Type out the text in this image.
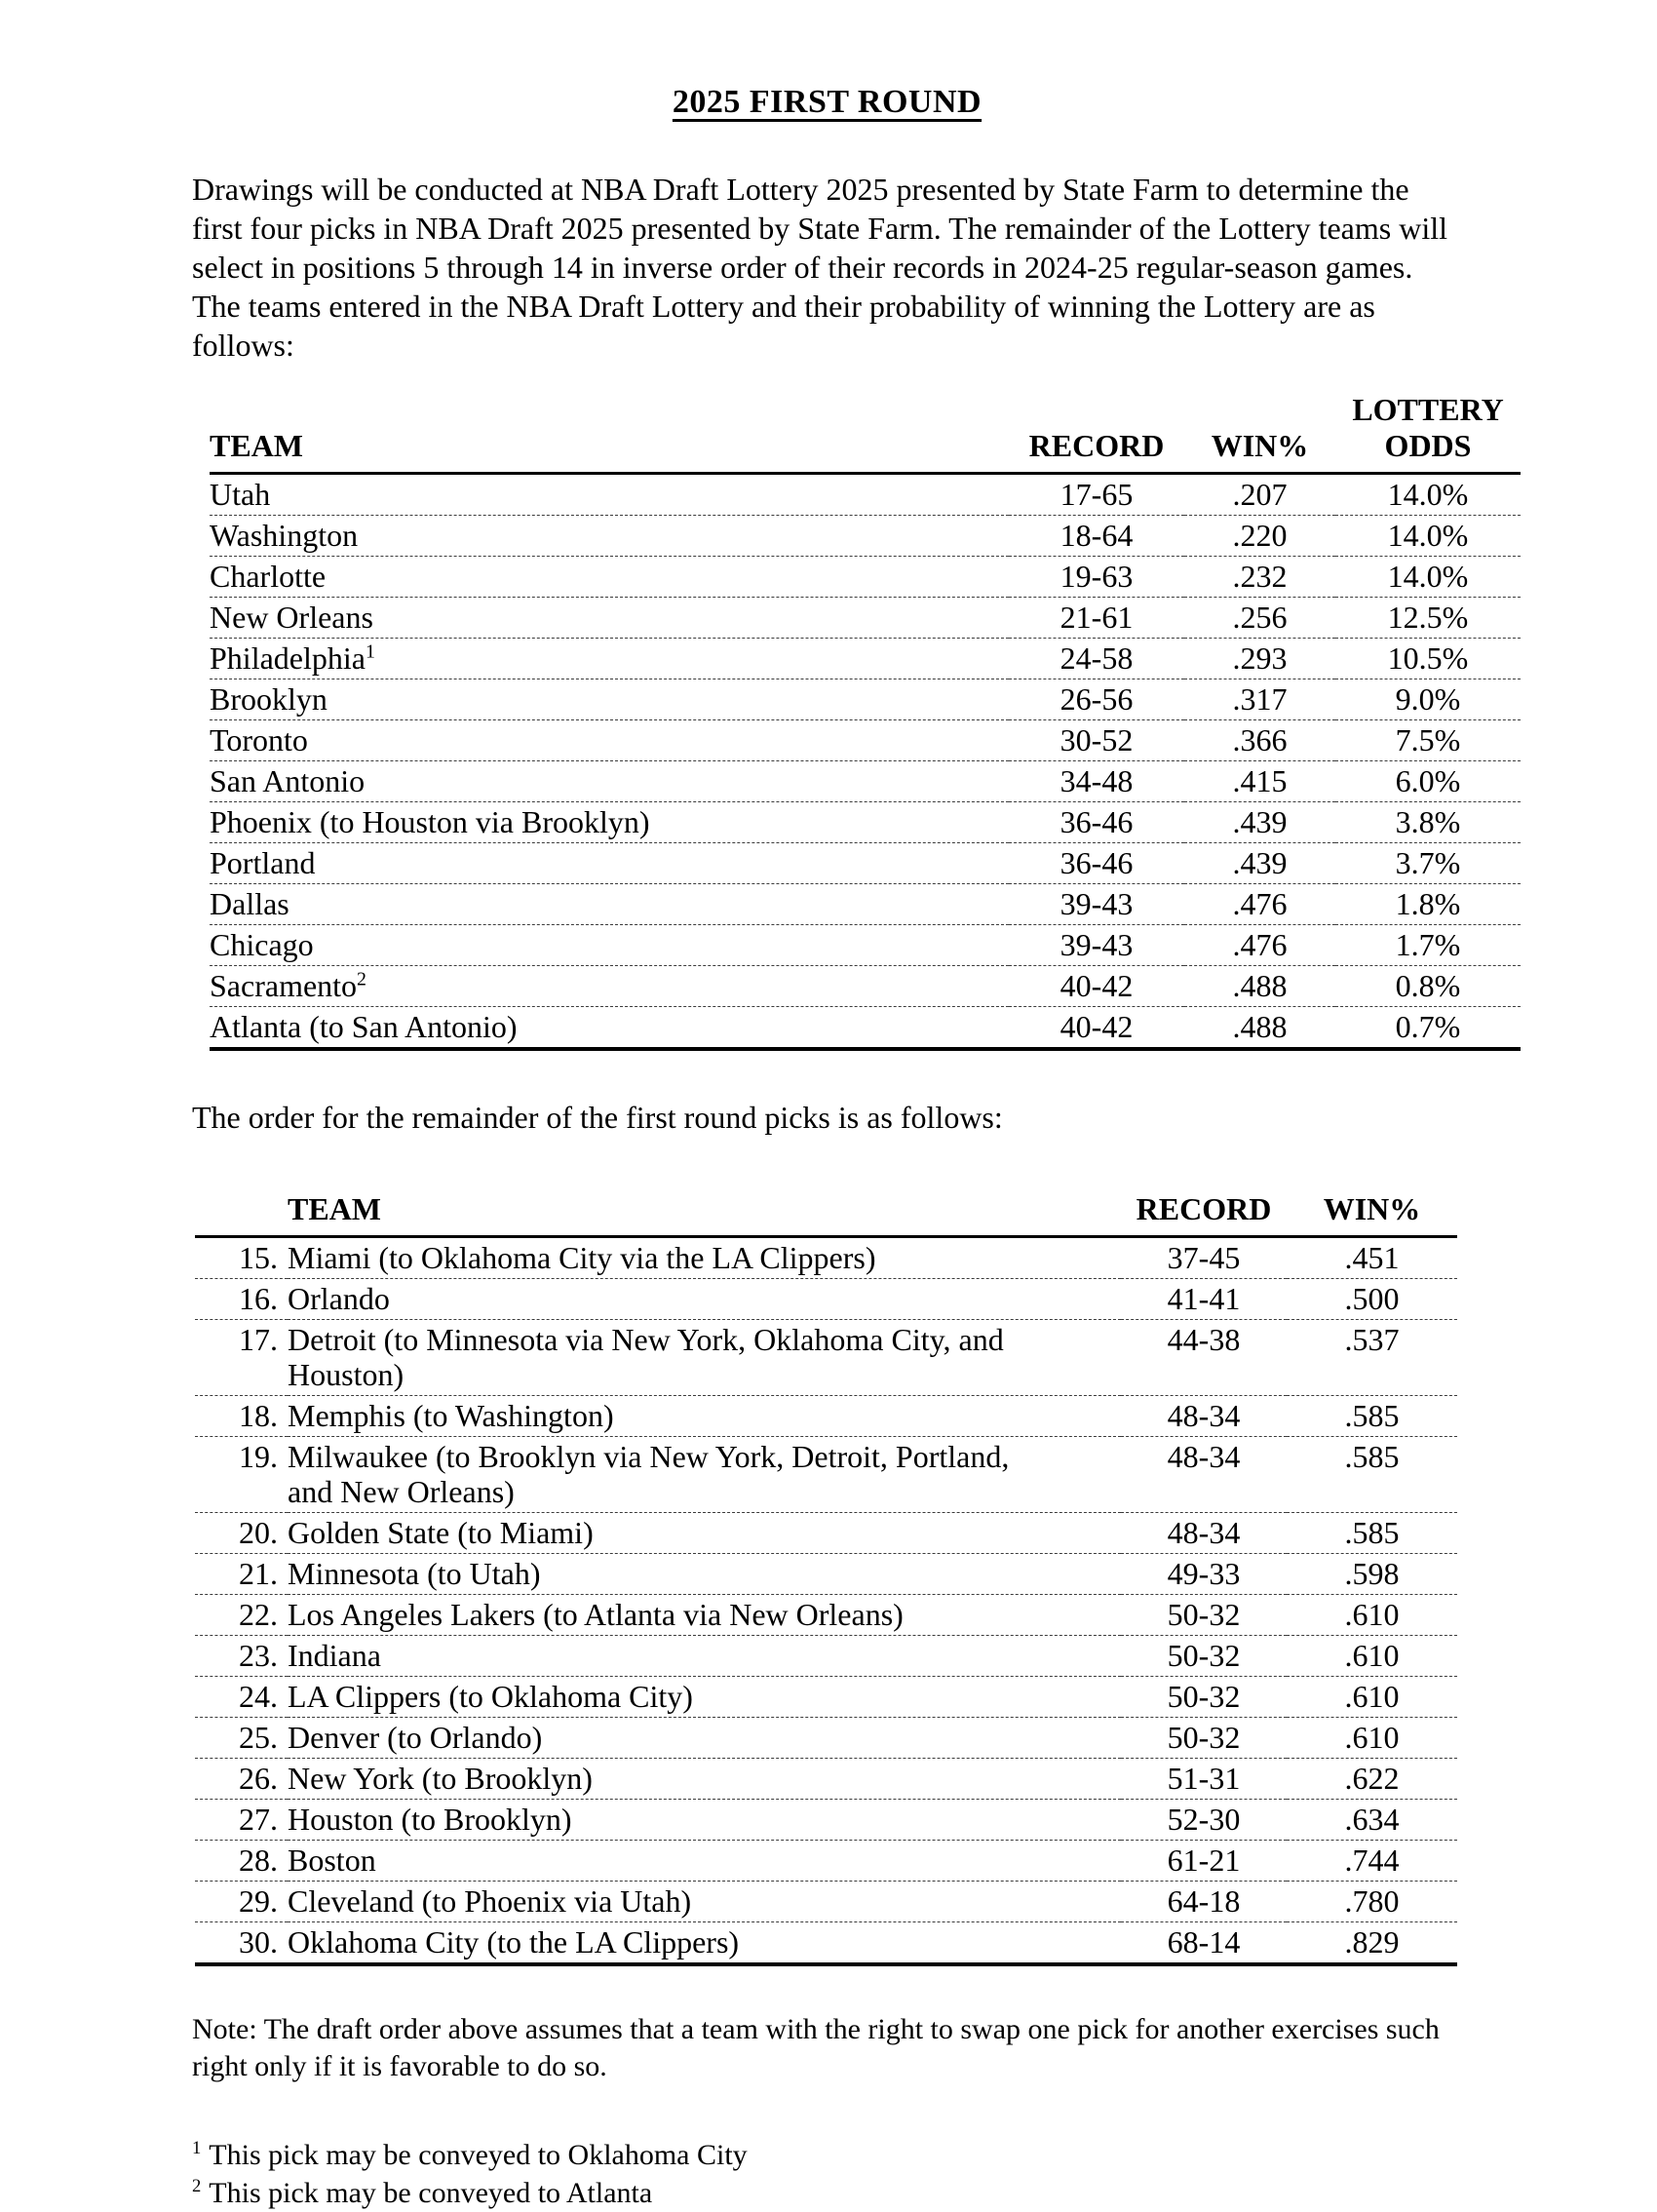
2025 FIRST ROUND

Drawings will be conducted at NBA Draft Lottery 2025 presented by State Farm to determine the first four picks in NBA Draft 2025 presented by State Farm. The remainder of the Lottery teams will select in positions 5 through 14 in inverse order of their records in 2024-25 regular-season games. The teams entered in the NBA Draft Lottery and their probability of winning the Lottery are as follows:

TEAM	RECORD	WIN%	LOTTERY
ODDS

Utah	17-65	.207	14.0%
Washington	18-64	.220	14.0%
Charlotte	19-63	.232	14.0%
New Orleans	21-61	.256	12.5%
Philadelphia$^1$	24-58	.293	10.5%
Brooklyn	26-56	.317	9.0%
Toronto	30-52	.366	7.5%
San Antonio	34-48	.415	6.0%
Phoenix (to Houston via Brooklyn)	36-46	.439	3.8%
Portland	36-46	.439	3.7%
Dallas	39-43	.476	1.8%
Chicago	39-43	.476	1.7%
Sacramento$^2$	40-42	.488	0.8%
Atlanta (to San Antonio)	40-42	.488	0.7%

The order for the remainder of the first round picks is as follows:

	TEAM	RECORD	WIN%
15.	Miami (to Oklahoma City via the LA Clippers)	37-45	.451
16.	Orlando	41-41	.500
17.	Detroit (to Minnesota via New York, Oklahoma City, and Houston)	44-38	.537
18.	Memphis (to Washington)	48-34	.585
19.	Milwaukee (to Brooklyn via New York, Detroit, Portland, and New Orleans)	48-34	.585
20.	Golden State (to Miami)	48-34	.585
21.	Minnesota (to Utah)	49-33	.598
22.	Los Angeles Lakers (to Atlanta via New Orleans)	50-32	.610
23.	Indiana	50-32	.610
24.	LA Clippers (to Oklahoma City)	50-32	.610
25.	Denver (to Orlando)	50-32	.610
26.	New York (to Brooklyn)	51-31	.622
27.	Houston (to Brooklyn)	52-30	.634
28.	Boston	61-21	.744
29.	Cleveland (to Phoenix via Utah)	64-18	.780
30.	Oklahoma City (to the LA Clippers)	68-14	.829

Note: The draft order above assumes that a team with the right to swap one pick for another exercises such right only if it is favorable to do so.

$^1$ This pick may be conveyed to Oklahoma City
$^2$ This pick may be conveyed to Atlanta
